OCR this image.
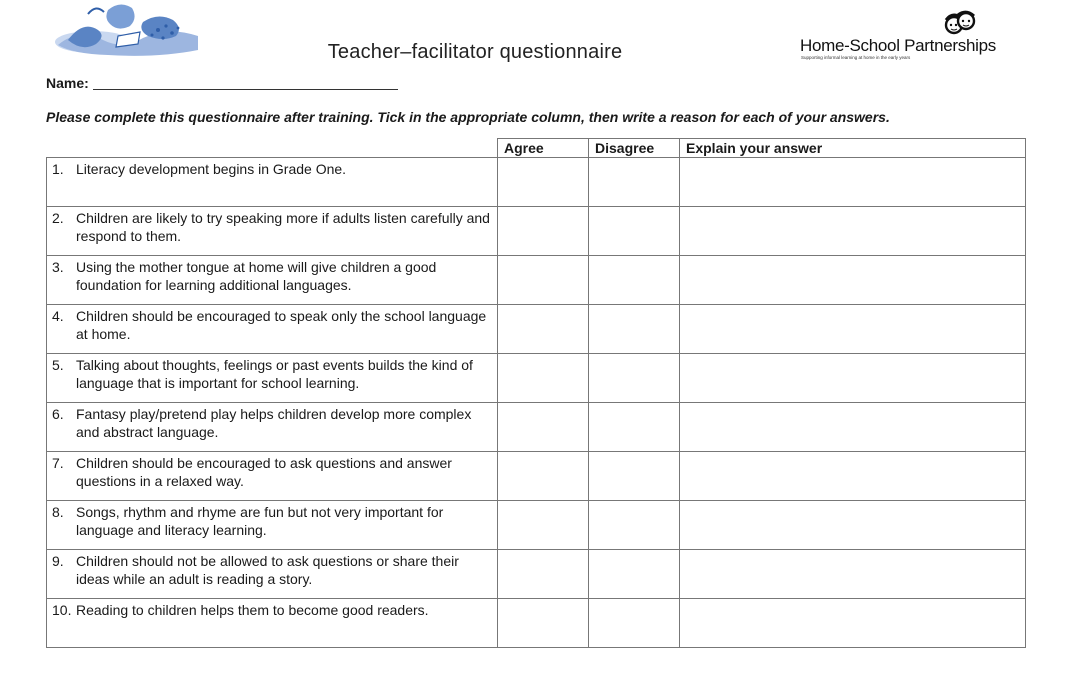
Teacher–facilitator questionnaire	Home-School Partnerships
Supporting informal learning at home in the early years
Name:
Please complete this questionnaire after training. Tick in the appropriate column, then write a reason for each of your answers.
	Agree	Disagree	Explain your answer

1. Literacy development begins in Grade One.			

2. Children are likely to try speaking more if adults listen carefully and respond to them.			

3. Using the mother tongue at home will give children a good foundation for learning additional languages.			

4. Children should be encouraged to speak only the school language at home.			

5. Talking about thoughts, feelings or past events builds the kind of language that is important for school learning.			

6. Fantasy play/pretend play helps children develop more complex and abstract language.			

7. Children should be encouraged to ask questions and answer questions in a relaxed way.			

8. Songs, rhythm and rhyme are fun but not very important for language and literacy learning.			

9. Children should not be allowed to ask questions or share their ideas while an adult is reading a story.			

10. Reading to children helps them to become good readers.			
